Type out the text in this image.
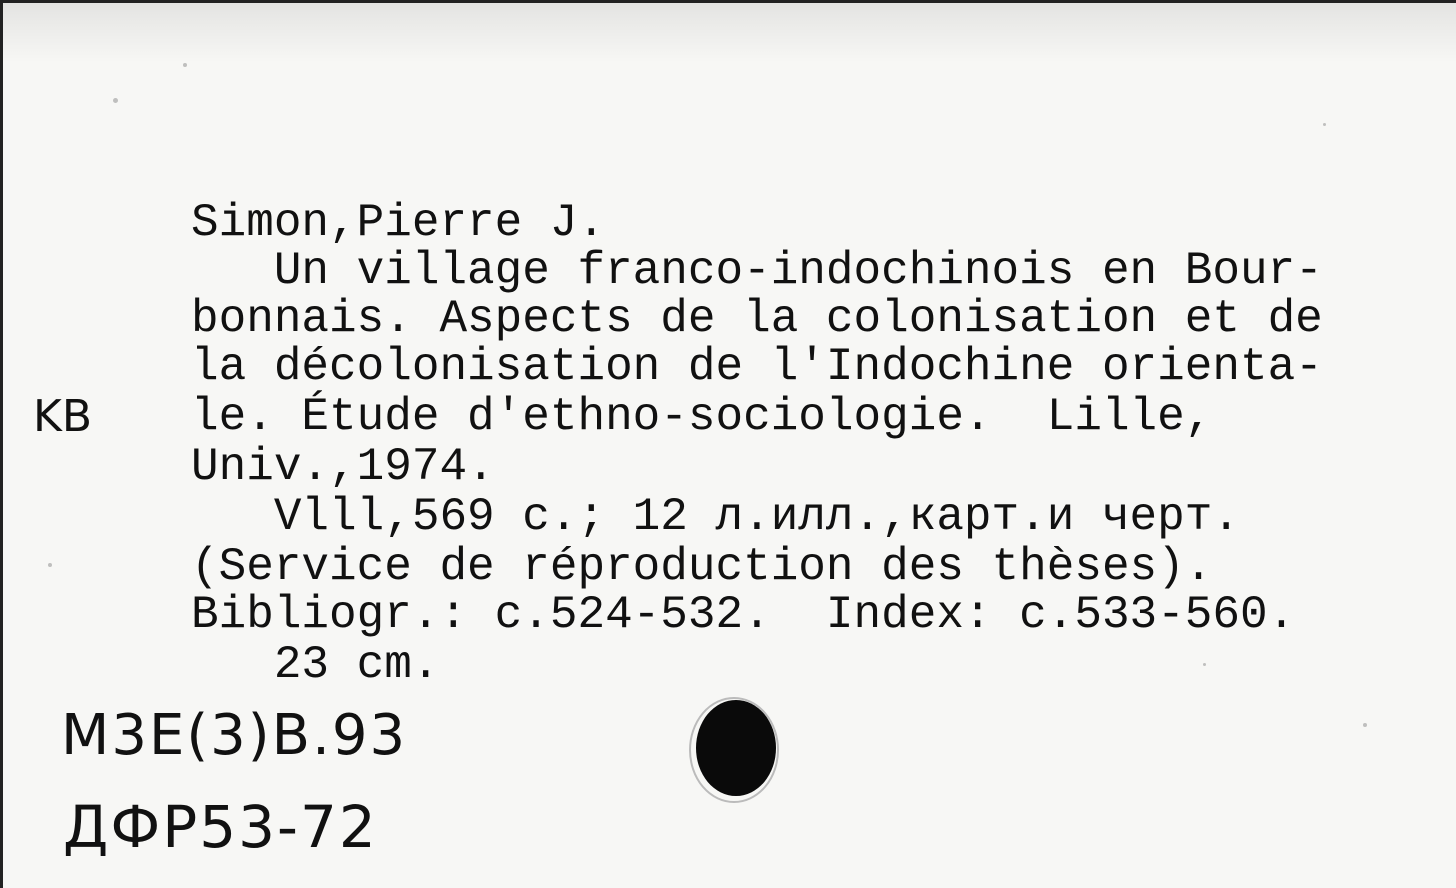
Simon,Pierre J.
Un village franco-indochinois en Bour-
bonnais. Aspects de la colonisation et de
la décolonisation de l'Indochine orienta-
le. Étude d'ethno-sociologie.  Lille,
Univ.,1974.
Vlll,569 c.; 12 л.илл.,карт.и черт.
(Service de réproduction des thèses).
Bibliogr.: c.524-532.  Index: c.533-560.
23 cm.
KB
M3E(3)B.93
ДФР53-72
